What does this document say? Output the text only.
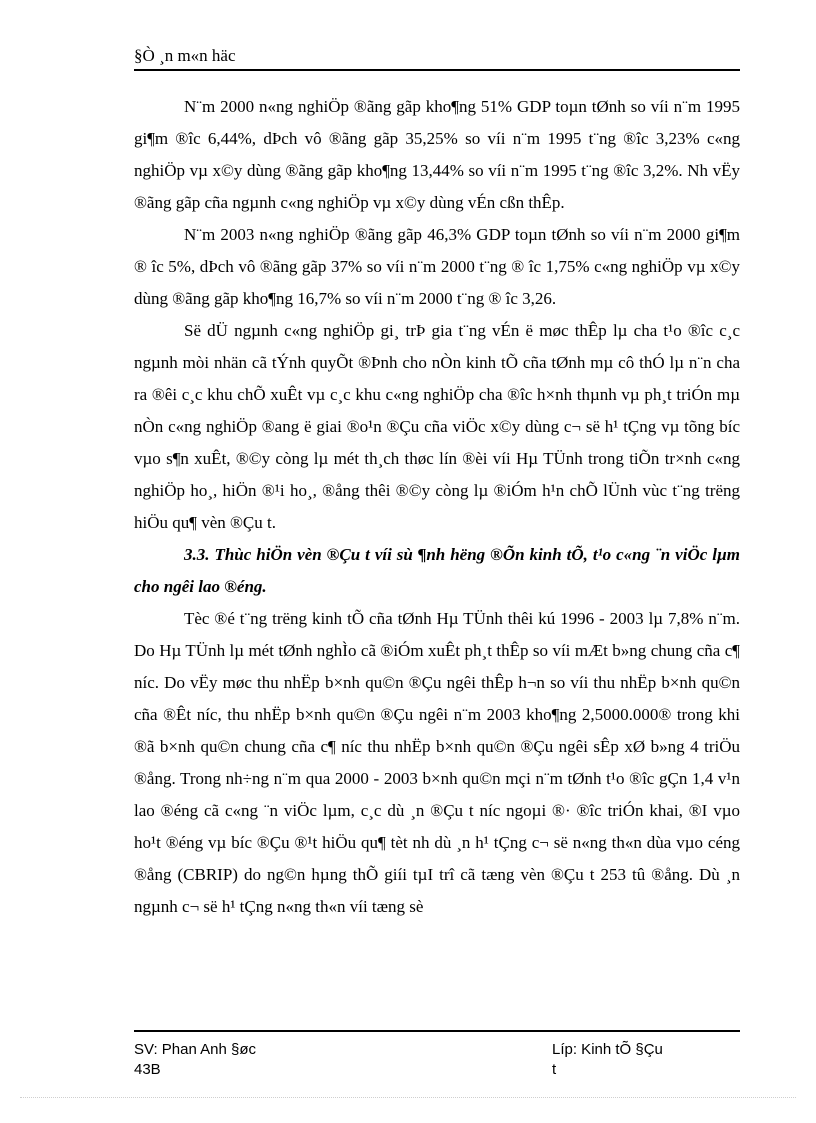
§Ò ¸n m«n häc

N¨m 2000 n«ng nghiÖp ®ãng gãp kho¶ng 51% GDP toµn tØnh so víi n¨m 1995 gi¶m ®îc 6,44%, dÞch vô ®ãng gãp 35,25% so víi n¨m 1995 t¨ng ®îc 3,23% c«ng nghiÖp vµ x©y dùng ®ãng gãp kho¶ng 13,44% so víi n¨m 1995 t¨ng ®îc 3,2%. Nh vËy ®ãng gãp cña ngµnh c«ng nghiÖp vµ x©y dùng vÉn cßn thÊp.

N¨m 2003 n«ng nghiÖp ®ãng gãp 46,3% GDP toµn tØnh so víi n¨m 2000 gi¶m ® îc 5%, dÞch vô ®ãng gãp 37% so víi n¨m 2000 t¨ng ® îc 1,75% c«ng nghiÖp vµ x©y dùng ®ãng gãp kho¶ng 16,7% so víi n¨m 2000 t¨ng ® îc 3,26.

Së dÜ ngµnh c«ng nghiÖp gi¸ trÞ gia t¨ng vÉn ë møc thÊp lµ cha t¹o ®îc c¸c ngµnh mòi nhän cã tÝnh quyÕt ®Þnh cho nÒn kinh tÕ cña tØnh mµ cô thÓ lµ n¨n cha ra ®êi c¸c khu chÕ xuÊt vµ c¸c khu c«ng nghiÖp cha ®îc h×nh thµnh vµ ph¸t triÓn mµ nÒn c«ng nghiÖp ®ang ë giai ®o¹n ®Çu cña viÖc x©y dùng c¬ së h¹ tÇng vµ tõng bíc vµo s¶n xuÊt, ®©y còng lµ mét th¸ch thøc lín ®èi víi Hµ TÜnh trong tiÕn tr×nh c«ng nghiÖp ho¸, hiÖn ®¹i ho¸, ®ång thêi ®©y còng lµ ®iÓm h¹n chÕ lÜnh vùc t¨ng trëng hiÖu qu¶ vèn ®Çu t.

3.3. Thùc hiÖn vèn ®Çu t víi sù ¶nh hëng ®Õn kinh tÕ, t¹o c«ng ¨n viÖc lµm cho ngêi lao ®éng.

Tèc ®é t¨ng trëng kinh tÕ cña tØnh Hµ TÜnh thêi kú 1996 - 2003 lµ 7,8% n¨m. Do Hµ TÜnh lµ mét tØnh nghÌo cã ®iÓm xuÊt ph¸t thÊp so víi mÆt b»ng chung cña c¶ níc. Do vËy møc thu nhËp b×nh qu©n ®Çu ngêi thÊp h¬n so víi thu nhËp b×nh qu©n cña ®Êt níc, thu nhËp b×nh qu©n ®Çu ngêi n¨m 2003 kho¶ng 2,5000.000® trong khi ®ã b×nh qu©n chung cña c¶ níc thu nhËp b×nh qu©n ®Çu ngêi sÊp xØ b»ng 4 triÖu ®ång. Trong nh÷ng n¨m qua 2000 - 2003 b×nh qu©n mçi n¨m tØnh t¹o ®îc gÇn 1,4 v¹n lao ®éng cã c«ng ¨n viÖc lµm, c¸c dù ¸n ®Çu t níc ngoµi ®· ®îc triÓn khai, ®I vµo ho¹t ®éng vµ bíc ®Çu ®¹t hiÖu qu¶ tèt nh dù ¸n h¹ tÇng c¬ së n«ng th«n dùa vµo céng ®ång (CBRIP) do ng©n hµng thÕ giíi tµI trî cã tæng vèn ®Çu t 253 tû ®ång. Dù ¸n ngµnh c¬ së h¹ tÇng n«ng th«n víi tæng sè

SV: Phan Anh §øc
43B
Líp: Kinh tÕ §Çu t
